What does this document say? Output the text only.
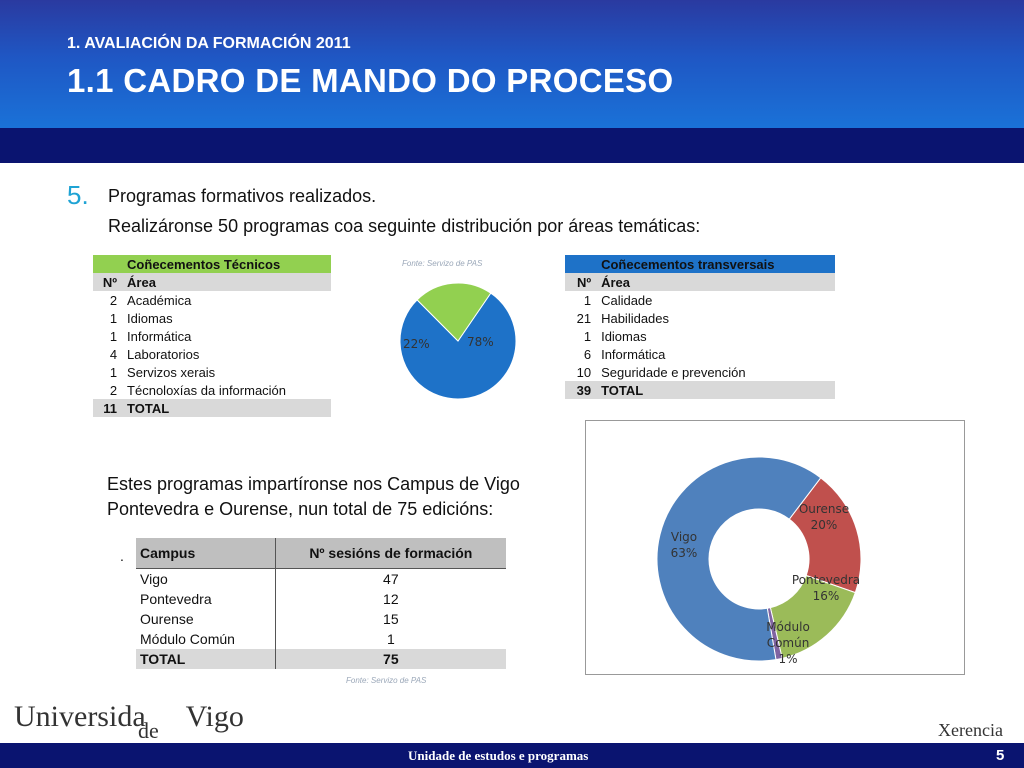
1. AVALIACIÓN DA FORMACIÓN 2011
1.1 CADRO DE MANDO DO PROCESO
5. Programas formativos realizados.
Realizáronse 50 programas coa seguinte distribución por áreas temáticas:
	Coñecementos Técnicos
Nº	Área
2	Académica
1	Idiomas
1	Informática
4	Laboratorios
1	Servizos xerais
2	Técnoloxías da información
11	TOTAL
Fonte: Servizo de PAS
78%
22%
	Coñecementos transversais
Nº	Área
1	Calidade
21	Habilidades
1	Idiomas
6	Informática
10	Seguridade e prevención
39	TOTAL
Estes programas impartíronse nos Campus de Vigo
Pontevedra e Ourense, nun total de 75 edicións:
. Campus	Nº sesións de formación
Vigo	47
Pontevedra	12
Ourense	15
Módulo Común	1
TOTAL	75
Fonte: Servizo de PAS
Vigo
63%
Ourense
20%
Pontevedra
16%
Módulo
Común
1%
Universida Vigo
de	Xerencia
Unidade de estudos e programas	5
